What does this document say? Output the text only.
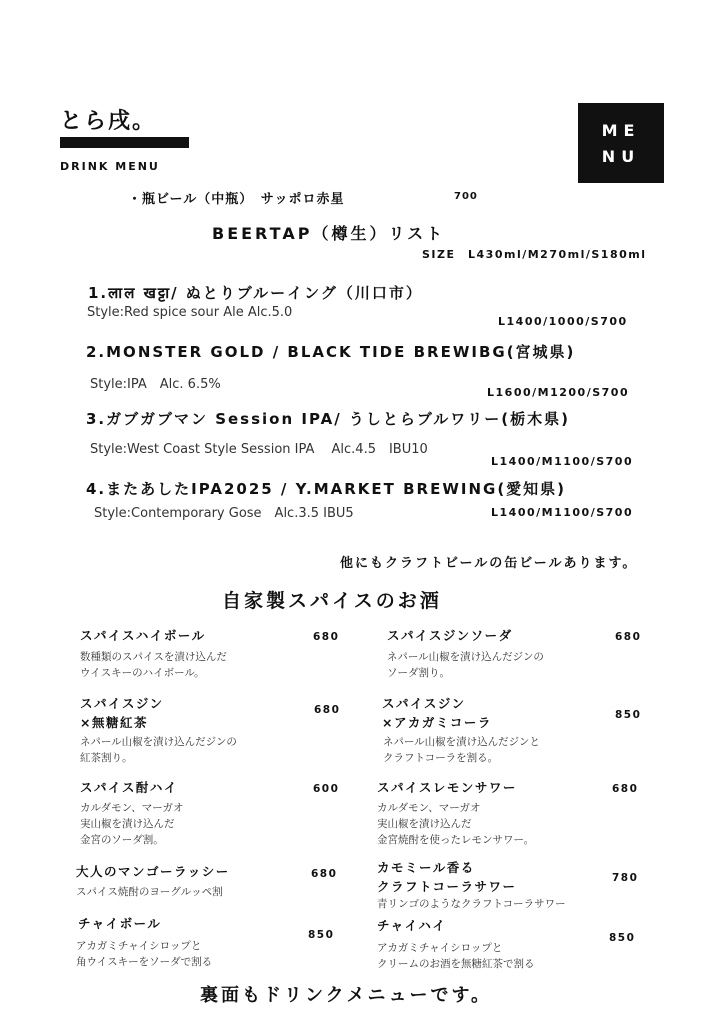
とら戌。
DRINK MENU
ME
NU
・瓶ビール（中瓶）　サッポロ赤星	700
BEERTAP（樽生）リスト
SIZE　L430ml/M270ml/S180ml
1.लाल खट्टा/ ぬとりブルーイング（川口市）
Style:Red spice sour Ale Alc.5.0
L1400/1000/S700
2.MONSTER GOLD / BLACK TIDE BREWIBG(宮城県)
Style:IPA　Alc. 6.5%
L1600/M1200/S700
3.ガブガブマン Session IPA/ うしとらブルワリー(栃木県)
Style:West Coast Style Session IPA　 Alc.4.5　IBU10
L1400/M1100/S700
4.またあしたIPA2025 / Y.MARKET BREWING(愛知県)
Style:Contemporary Gose　Alc.3.5 IBU5	L1400/M1100/S700
他にもクラフトビールの缶ビールあります。
自家製スパイスのお酒
スパイスハイボール	680
数種類のスパイスを漬け込んだ
ウイスキーのハイボール。
スパイスジン
×無糖紅茶
680
ネパール山椒を漬け込んだジンの
紅茶割り。
スパイス酎ハイ	600
カルダモン、マーガオ
実山椒を漬け込んだ
金宮のソーダ割。
大人のマンゴーラッシー	680
スパイス焼酎のヨーグルッペ割
チャイボール
850
アカガミチャイシロップと
角ウイスキーをソーダで割る
スパイスジンソーダ	680
ネパール山椒を漬け込んだジンの
ソーダ割り。
スパイスジン
×アカガミコーラ	850
ネパール山椒を漬け込んだジンと
クラフトコーラを割る。
スパイスレモンサワー	680
カルダモン、マーガオ
実山椒を漬け込んだ
金宮焼酎を使ったレモンサワー。
カモミール香る
クラフトコーラサワー
780
青リンゴのようなクラフトコーラサワー
チャイハイ
850
アカガミチャイシロップと
クリームのお酒を無糖紅茶で割る
裏面もドリンクメニューです。
